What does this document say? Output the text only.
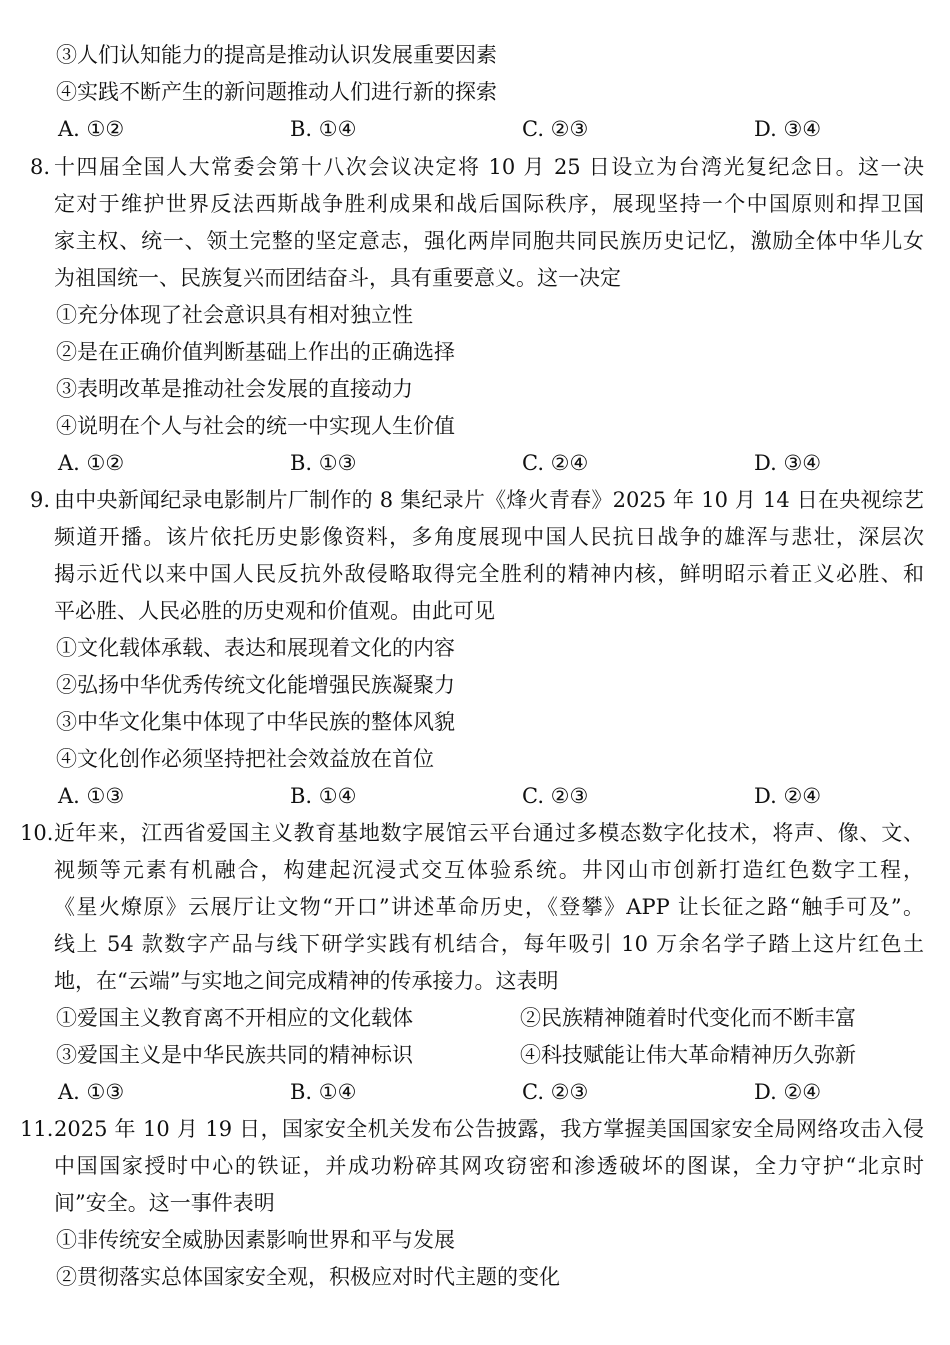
③人们认知能力的提高是推动认识发展重要因素
④实践不断产生的新问题推动人们进行新的探索
A. ①②	B. ①④	C. ②③	D. ③④
8. 十四届全国人大常委会第十八次会议决定将 10 月 25 日设立为台湾光复纪念日。这一决
定对于维护世界反法西斯战争胜利成果和战后国际秩序，展现坚持一个中国原则和捍卫国
家主权、统一、领土完整的坚定意志，强化两岸同胞共同民族历史记忆，激励全体中华儿女
为祖国统一、民族复兴而团结奋斗，具有重要意义。这一决定
①充分体现了社会意识具有相对独立性
②是在正确价值判断基础上作出的正确选择
③表明改革是推动社会发展的直接动力
④说明在个人与社会的统一中实现人生价值
A. ①②	B. ①③	C. ②④	D. ③④
9. 由中央新闻纪录电影制片厂制作的 8 集纪录片《烽火青春》2025 年 10 月 14 日在央视综艺
频道开播。该片依托历史影像资料，多角度展现中国人民抗日战争的雄浑与悲壮，深层次
揭示近代以来中国人民反抗外敌侵略取得完全胜利的精神内核，鲜明昭示着正义必胜、和
平必胜、人民必胜的历史观和价值观。由此可见
①文化载体承载、表达和展现着文化的内容
②弘扬中华优秀传统文化能增强民族凝聚力
③中华文化集中体现了中华民族的整体风貌
④文化创作必须坚持把社会效益放在首位
A. ①③	B. ①④	C. ②③	D. ②④
10. 近年来，江西省爱国主义教育基地数字展馆云平台通过多模态数字化技术，将声、像、文、
视频等元素有机融合，构建起沉浸式交互体验系统。井冈山市创新打造红色数字工程，
《星火燎原》云展厅让文物“开口”讲述革命历史，《登攀》APP 让长征之路“触手可及”。
线上 54 款数字产品与线下研学实践有机结合，每年吸引 10 万余名学子踏上这片红色土
地，在“云端”与实地之间完成精神的传承接力。这表明
①爱国主义教育离不开相应的文化载体	②民族精神随着时代变化而不断丰富
③爱国主义是中华民族共同的精神标识	④科技赋能让伟大革命精神历久弥新
A. ①③	B. ①④	C. ②③	D. ②④
11. 2025 年 10 月 19 日，国家安全机关发布公告披露，我方掌握美国国家安全局网络攻击入侵
中国国家授时中心的铁证，并成功粉碎其网攻窃密和渗透破坏的图谋，全力守护“北京时
间”安全。这一事件表明
①非传统安全威胁因素影响世界和平与发展
②贯彻落实总体国家安全观，积极应对时代主题的变化
